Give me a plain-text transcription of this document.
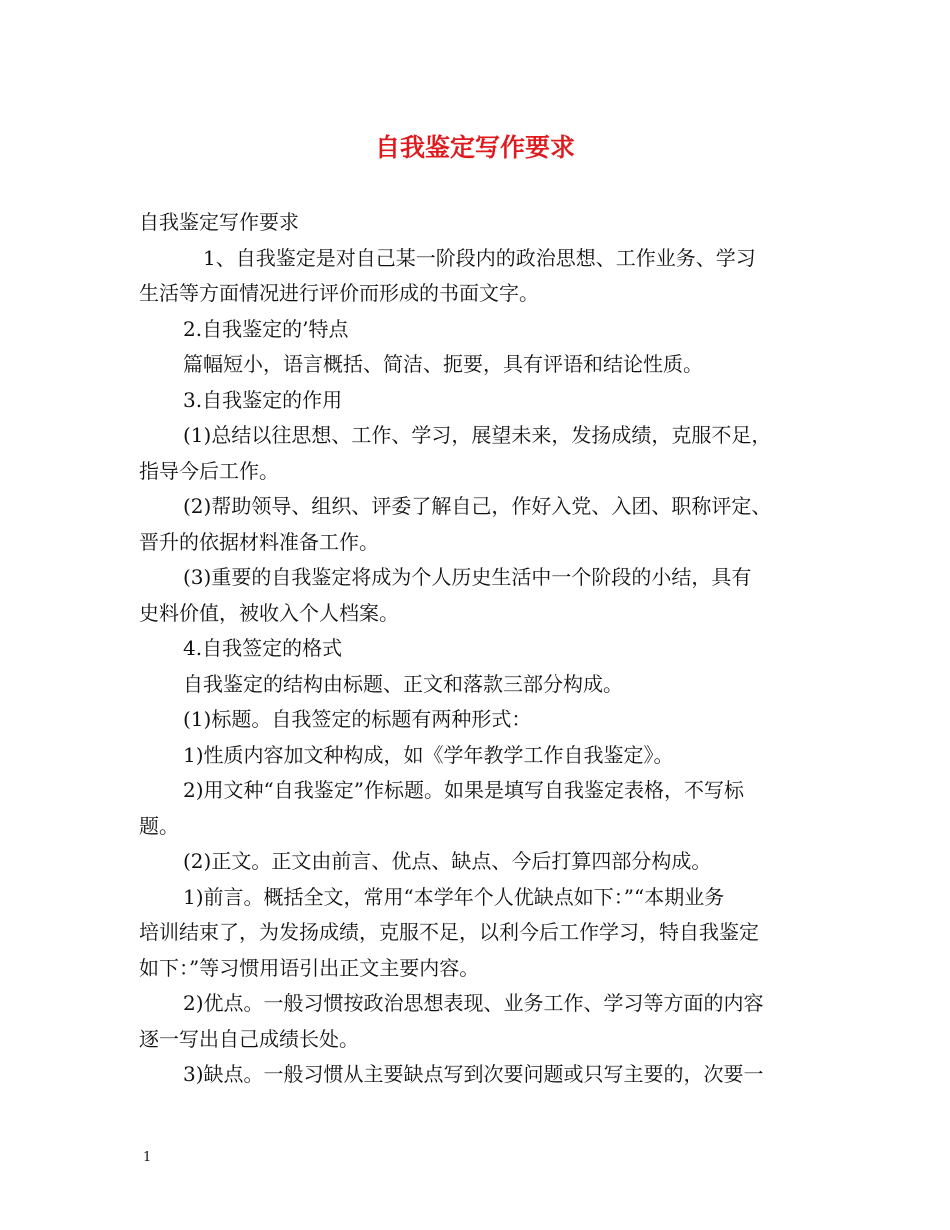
自我鉴定写作要求
自我鉴定写作要求
1、自我鉴定是对自己某一阶段内的政治思想、工作业务、学习
生活等方面情况进行评价而形成的书面文字。
2.自我鉴定的’特点
篇幅短小，语言概括、简洁、扼要，具有评语和结论性质。
3.自我鉴定的作用
(1)总结以往思想、工作、学习，展望未来，发扬成绩，克服不足，
指导今后工作。
(2)帮助领导、组织、评委了解自己，作好入党、入团、职称评定、
晋升的依据材料准备工作。
(3)重要的自我鉴定将成为个人历史生活中一个阶段的小结，具有
史料价值，被收入个人档案。
4.自我签定的格式
自我鉴定的结构由标题、正文和落款三部分构成。
(1)标题。自我签定的标题有两种形式：
1)性质内容加文种构成，如《学年教学工作自我鉴定》。
2)用文种“自我鉴定”作标题。如果是填写自我鉴定表格，不写标
题。
(2)正文。正文由前言、优点、缺点、今后打算四部分构成。
1)前言。概括全文，常用“本学年个人优缺点如下：”“本期业务
培训结束了，为发扬成绩，克服不足，以利今后工作学习，特自我鉴定
如下：”等习惯用语引出正文主要内容。
2)优点。一般习惯按政治思想表现、业务工作、学习等方面的内容
逐一写出自己成绩长处。
3)缺点。一般习惯从主要缺点写到次要问题或只写主要的，次要一
1
